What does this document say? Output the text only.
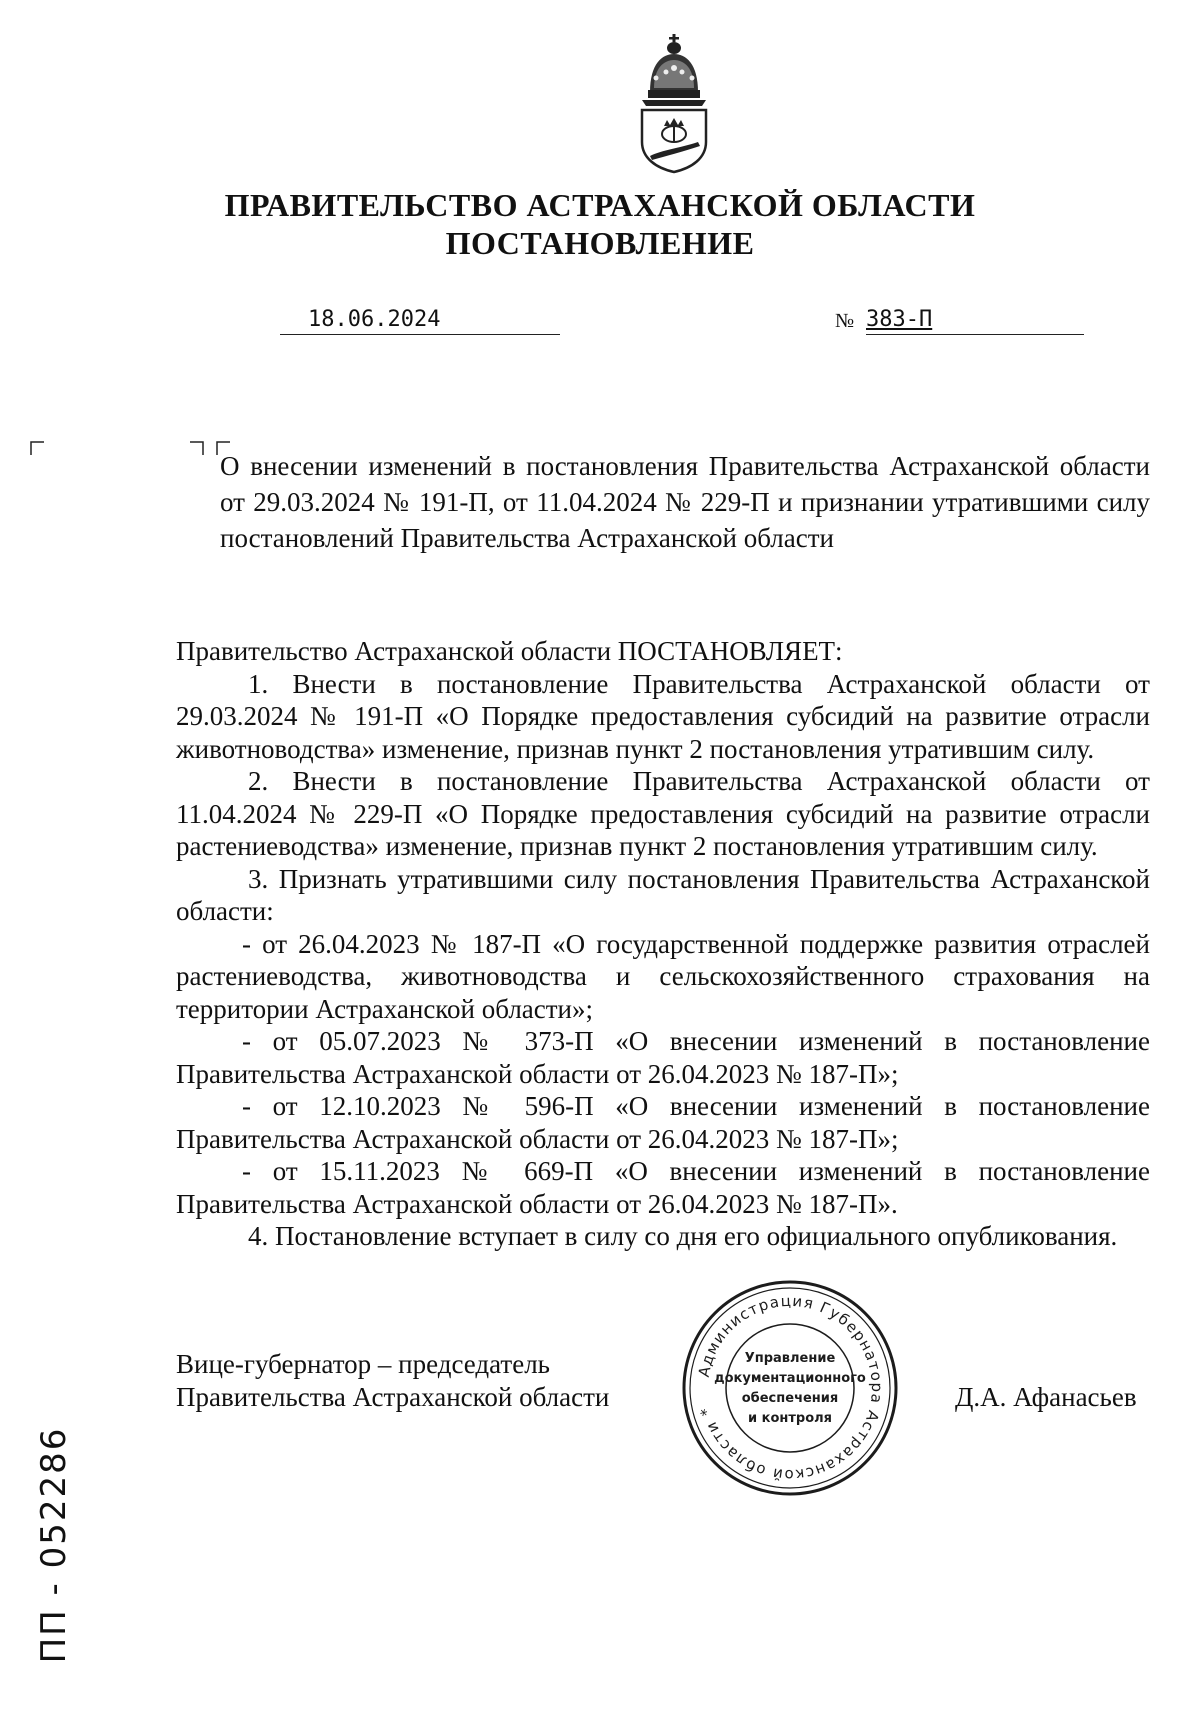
ПРАВИТЕЛЬСТВО АСТРАХАНСКОЙ ОБЛАСТИ
ПОСТАНОВЛЕНИЕ
18.06.2024	№ 383-П
О внесении изменений в постановления Правительства Астраханской области от 29.03.2024 № 191-П, от 11.04.2024 № 229-П и признании утратившими силу постановлений Правительства Астраханской области

Правительство Астраханской области ПОСТАНОВЛЯЕТ:

1. Внести в постановление Правительства Астраханской области от 29.03.2024 № 191-П «О Порядке предоставления субсидий на развитие отрасли животноводства» изменение, признав пункт 2 постановления утратившим силу.

2. Внести в постановление Правительства Астраханской области от 11.04.2024 № 229-П «О Порядке предоставления субсидий на развитие отрасли растениеводства» изменение, признав пункт 2 постановления утратившим силу.

3. Признать утратившими силу постановления Правительства Астраханской области:

- от 26.04.2023 № 187-П «О государственной поддержке развития отраслей растениеводства, животноводства и сельскохозяйственного страхования на территории Астраханской области»;

- от 05.07.2023 № 373-П «О внесении изменений в постановление Правительства Астраханской области от 26.04.2023 № 187-П»;

- от 12.10.2023 № 596-П «О внесении изменений в постановление Правительства Астраханской области от 26.04.2023 № 187-П»;

- от 15.11.2023 № 669-П «О внесении изменений в постановление Правительства Астраханской области от 26.04.2023 № 187-П».

4. Постановление вступает в силу со дня его официального опубликования.

Вице-губернатор – председатель
Правительства Астраханской области
Администрация Губернатора Астраханской области *
Управление
документационного
обеспечения
и контроля
Д.А. Афанасьев
ПП - 052286
